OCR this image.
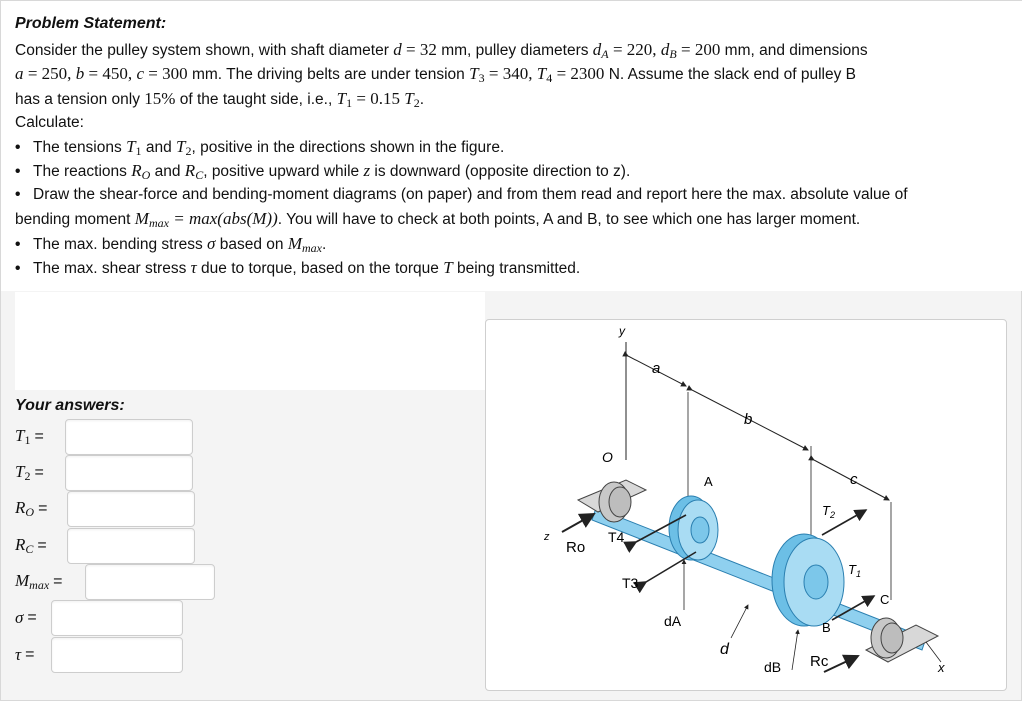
Problem Statement:
Consider the pulley system shown, with shaft diameter d = 32 mm, pulley diameters $d_A = 220$, $d_B = 200$ mm, and dimensions
a = 250, b = 450, c = 300 mm. The driving belts are under tension $T_3 = 340$, $T_4 = 2300$ N. Assume the slack end of pulley B
has a tension only 15% of the taught side, i.e., $T_1 = 0.15$ $T_2$.
Calculate:
• The tensions $T_1$ and $T_2$, positive in the directions shown in the figure.
• The reactions $R_O$ and $R_C$, positive upward while z is downward (opposite direction to z).
• Draw the shear-force and bending-moment diagrams (on paper) and from them read and report here the max. absolute value of
bending moment $M_{max} = \max(abs(M))$. You will have to check at both points, A and B, to see which one has larger moment.
• The max. bending stress σ based on $M_{max}$.
• The max. shear stress τ due to torque, based on the torque T being transmitted.
Your answers:
$T_1$ =
$T_2$ =
$R_O$ =
$R_C$ =
$M_{max}$ =
σ =
τ =
y
a
b
c
x
z
O
A
B
C
Ro
T4
T3
$T_2$
$T_1$
Rc
dA
d
dB
